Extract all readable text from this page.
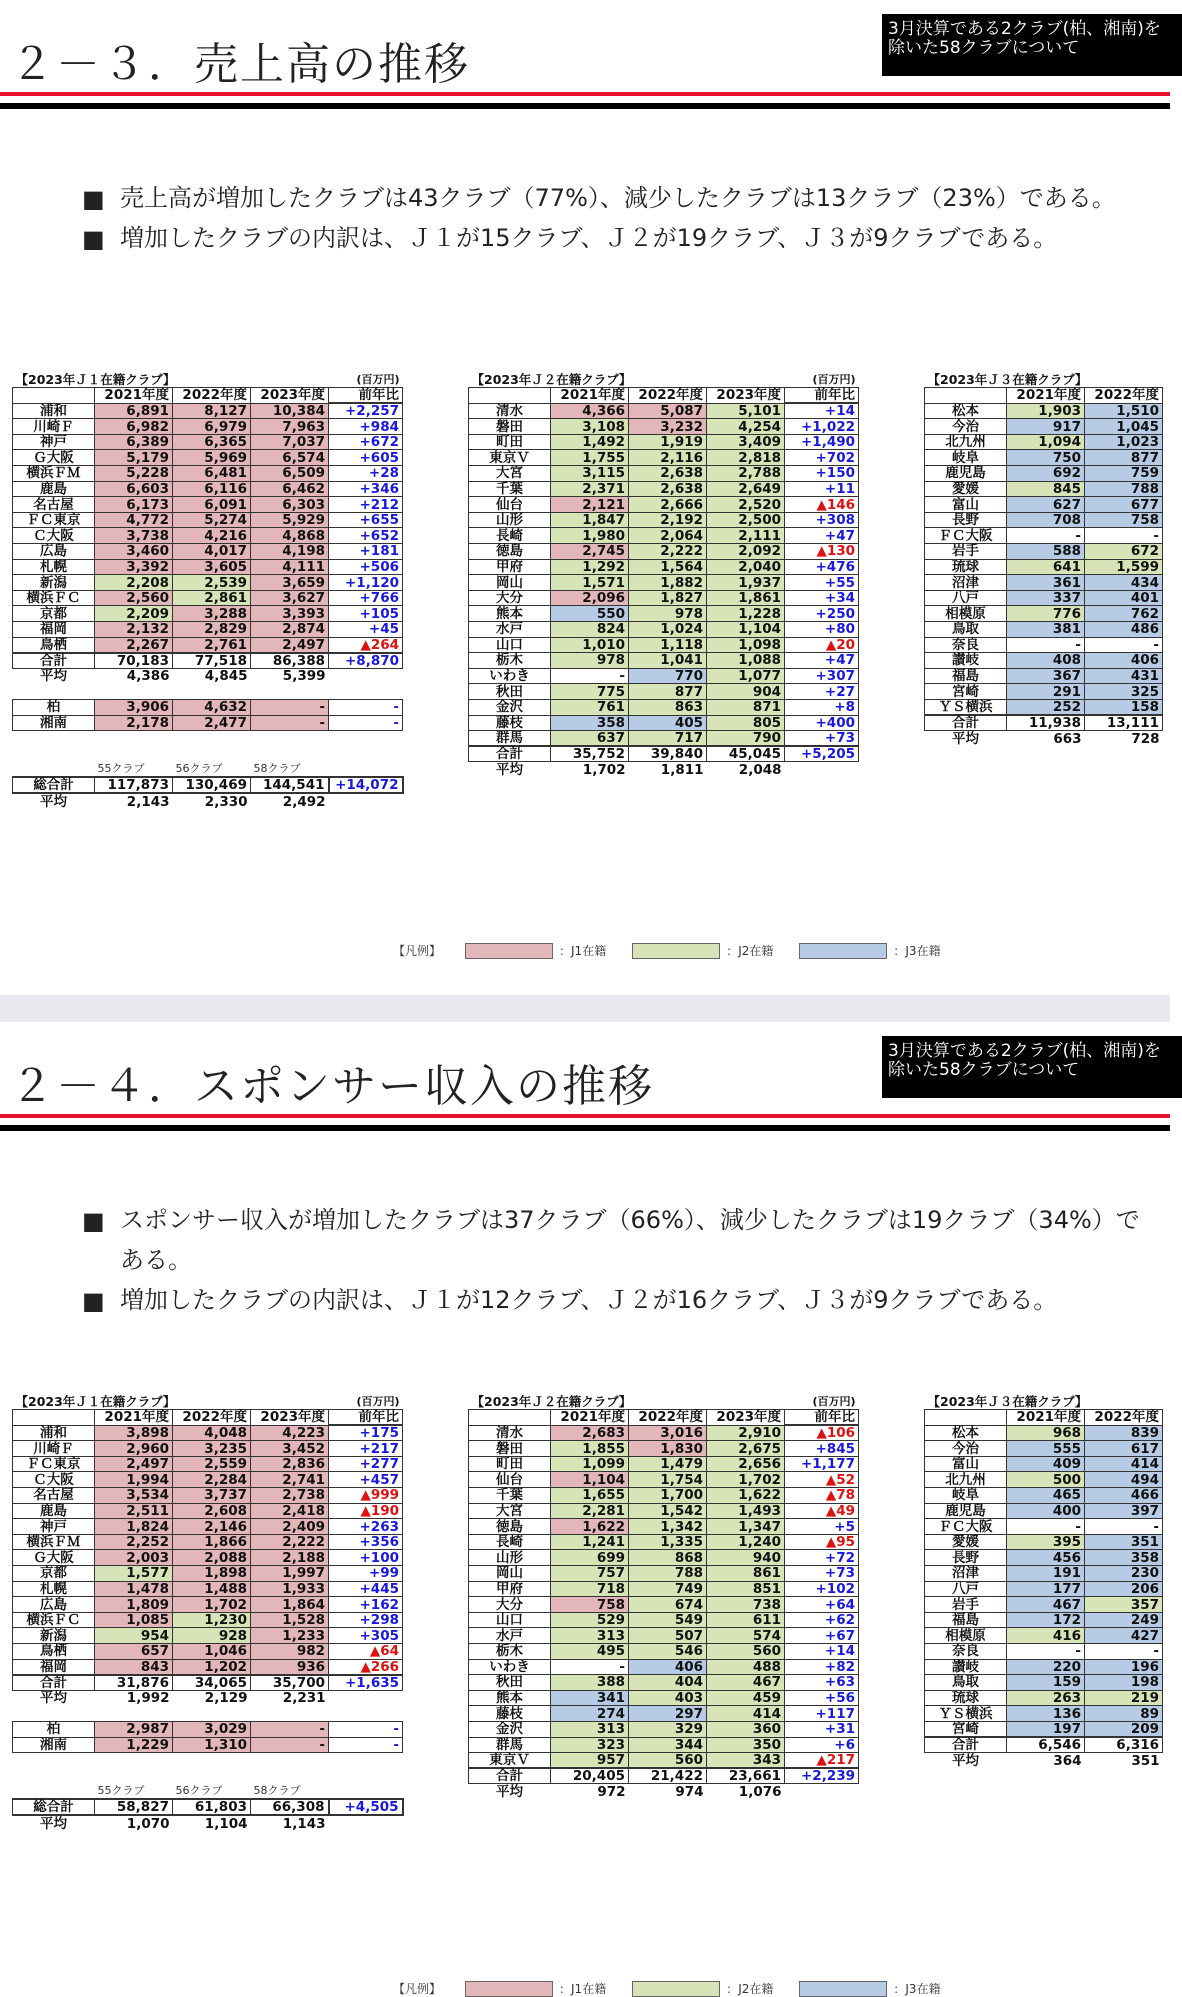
２－３．売上高の推移
3月決算である2クラブ(柏、湘南)を
除いた58クラブについて
■ 売上高が増加したクラブは43クラブ（77%）、減少したクラブは13クラブ（23%）である。
■ 増加したクラブの内訳は、Ｊ１が15クラブ、Ｊ２が19クラブ、Ｊ３が9クラブである。
【2023年Ｊ１在籍クラブ】				(百万円)
	2021年度	2022年度	2023年度	前年比
浦和	6,891	8,127	10,384	+2,257
川崎Ｆ	6,982	6,979	7,963	+984
神戸	6,389	6,365	7,037	+672
Ｇ大阪	5,179	5,969	6,574	+605
横浜ＦＭ	5,228	6,481	6,509	+28
鹿島	6,603	6,116	6,462	+346
名古屋	6,173	6,091	6,303	+212
ＦＣ東京	4,772	5,274	5,929	+655
Ｃ大阪	3,738	4,216	4,868	+652
広島	3,460	4,017	4,198	+181
札幌	3,392	3,605	4,111	+506
新潟	2,208	2,539	3,659	+1,120
横浜ＦＣ	2,560	2,861	3,627	+766
京都	2,209	3,288	3,393	+105
福岡	2,132	2,829	2,874	+45
鳥栖	2,267	2,761	2,497	▲264
合計	70,183	77,518	86,388	+8,870
平均	4,386	4,845	5,399	

柏	3,906	4,632	-	-
湘南	2,178	2,477	-	-

	55クラブ	56クラブ	58クラブ	
総合計	117,873	130,469	144,541	+14,072
平均	2,143	2,330	2,492	
【2023年Ｊ２在籍クラブ】				(百万円)
	2021年度	2022年度	2023年度	前年比
清水	4,366	5,087	5,101	+14
磐田	3,108	3,232	4,254	+1,022
町田	1,492	1,919	3,409	+1,490
東京Ｖ	1,755	2,116	2,818	+702
大宮	3,115	2,638	2,788	+150
千葉	2,371	2,638	2,649	+11
仙台	2,121	2,666	2,520	▲146
山形	1,847	2,192	2,500	+308
長崎	1,980	2,064	2,111	+47
徳島	2,745	2,222	2,092	▲130
甲府	1,292	1,564	2,040	+476
岡山	1,571	1,882	1,937	+55
大分	2,096	1,827	1,861	+34
熊本	550	978	1,228	+250
水戸	824	1,024	1,104	+80
山口	1,010	1,118	1,098	▲20
栃木	978	1,041	1,088	+47
いわき	-	770	1,077	+307
秋田	775	877	904	+27
金沢	761	863	871	+8
藤枝	358	405	805	+400
群馬	637	717	790	+73
合計	35,752	39,840	45,045	+5,205
平均	1,702	1,811	2,048	
【2023年Ｊ３在籍クラブ】		
	2021年度	2022年度
松本	1,903	1,510
今治	917	1,045
北九州	1,094	1,023
岐阜	750	877
鹿児島	692	759
愛媛	845	788
富山	627	677
長野	708	758
ＦＣ大阪	-	-
岩手	588	672
琉球	641	1,599
沼津	361	434
八戸	337	401
相模原	776	762
鳥取	381	486
奈良	-	-
讃岐	408	406
福島	367	431
宮崎	291	325
ＹＳ横浜	252	158
合計	11,938	13,111
平均	663	728
【凡例】	：J1在籍	：J2在籍	：J3在籍
２－４．スポンサー収入の推移
3月決算である2クラブ(柏、湘南)を
除いた58クラブについて
■ スポンサー収入が増加したクラブは37クラブ（66%）、減少したクラブは19クラブ（34%）で
ある。
■ 増加したクラブの内訳は、Ｊ１が12クラブ、Ｊ２が16クラブ、Ｊ３が9クラブである。
【2023年Ｊ１在籍クラブ】				(百万円)
	2021年度	2022年度	2023年度	前年比
浦和	3,898	4,048	4,223	+175
川崎Ｆ	2,960	3,235	3,452	+217
ＦＣ東京	2,497	2,559	2,836	+277
Ｃ大阪	1,994	2,284	2,741	+457
名古屋	3,534	3,737	2,738	▲999
鹿島	2,511	2,608	2,418	▲190
神戸	1,824	2,146	2,409	+263
横浜ＦＭ	2,252	1,866	2,222	+356
Ｇ大阪	2,003	2,088	2,188	+100
京都	1,577	1,898	1,997	+99
札幌	1,478	1,488	1,933	+445
広島	1,809	1,702	1,864	+162
横浜ＦＣ	1,085	1,230	1,528	+298
新潟	954	928	1,233	+305
鳥栖	657	1,046	982	▲64
福岡	843	1,202	936	▲266
合計	31,876	34,065	35,700	+1,635
平均	1,992	2,129	2,231	

柏	2,987	3,029	-	-
湘南	1,229	1,310	-	-

	55クラブ	56クラブ	58クラブ	
総合計	58,827	61,803	66,308	+4,505
平均	1,070	1,104	1,143	
【2023年Ｊ２在籍クラブ】				(百万円)
	2021年度	2022年度	2023年度	前年比
清水	2,683	3,016	2,910	▲106
磐田	1,855	1,830	2,675	+845
町田	1,099	1,479	2,656	+1,177
仙台	1,104	1,754	1,702	▲52
千葉	1,655	1,700	1,622	▲78
大宮	2,281	1,542	1,493	▲49
徳島	1,622	1,342	1,347	+5
長崎	1,241	1,335	1,240	▲95
山形	699	868	940	+72
岡山	757	788	861	+73
甲府	718	749	851	+102
大分	758	674	738	+64
山口	529	549	611	+62
水戸	313	507	574	+67
栃木	495	546	560	+14
いわき	-	406	488	+82
秋田	388	404	467	+63
熊本	341	403	459	+56
藤枝	274	297	414	+117
金沢	313	329	360	+31
群馬	323	344	350	+6
東京Ｖ	957	560	343	▲217
合計	20,405	21,422	23,661	+2,239
平均	972	974	1,076	
【2023年Ｊ３在籍クラブ】		
	2021年度	2022年度
松本	968	839
今治	555	617
富山	409	414
北九州	500	494
岐阜	465	466
鹿児島	400	397
ＦＣ大阪	-	-
愛媛	395	351
長野	456	358
沼津	191	230
八戸	177	206
岩手	467	357
福島	172	249
相模原	416	427
奈良	-	-
讃岐	220	196
鳥取	159	198
琉球	263	219
ＹＳ横浜	136	89
宮崎	197	209
合計	6,546	6,316
平均	364	351
【凡例】	：J1在籍	：J2在籍	：J3在籍
